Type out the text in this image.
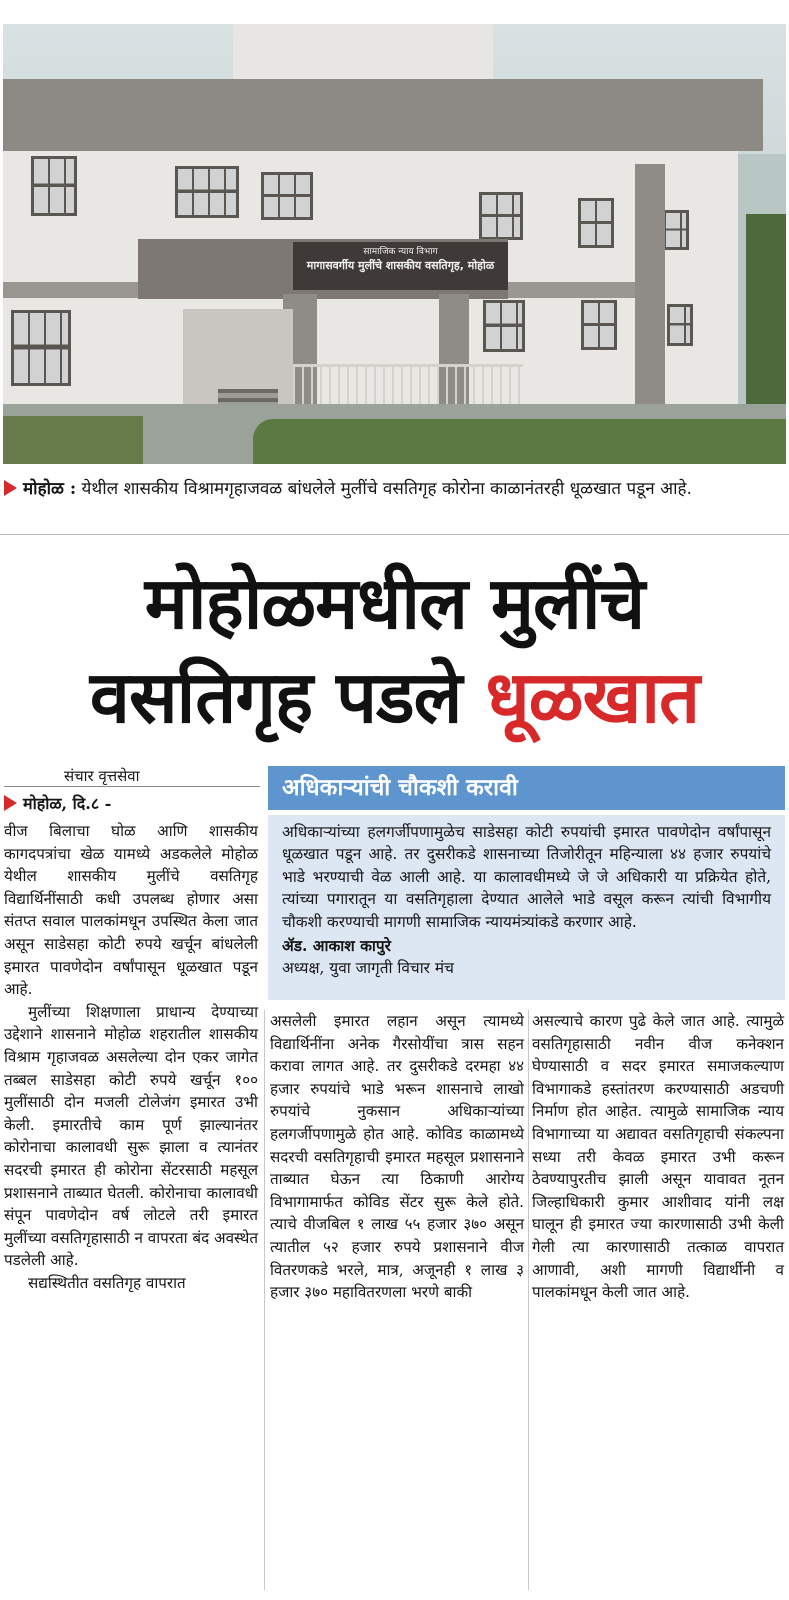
सामाजिक न्याय विभाग
मागासवर्गीय मुलींचे शासकीय वसतिगृह, मोहोळ
मोहोळ : येथील शासकीय विश्रामगृहाजवळ बांधलेले मुलींचे वसतिगृह कोरोना काळानंतरही धूळखात पडून आहे.
मोहोळमधील मुलींचे
वसतिगृह पडले धूळखात
संचार वृत्तसेवा
मोहोळ, दि.८ -

वीज बिलाचा घोळ आणि शासकीय कागदपत्रांचा खेळ यामध्ये अडकलेले मोहोळ येथील शासकीय मुलींचे वसतिगृह विद्यार्थिनींसाठी कधी उपलब्ध होणार असा संतप्त सवाल पालकांमधून उपस्थित केला जात असून साडेसहा कोटी रुपये खर्चून बांधलेली इमारत पावणेदोन वर्षांपासून धूळखात पडून आहे.

मुलींच्या शिक्षणाला प्राधान्य देण्याच्या उद्देशाने शासनाने मोहोळ शहरातील शासकीय विश्राम गृहाजवळ असलेल्या दोन एकर जागेत तब्बल साडेसहा कोटी रुपये खर्चून १०० मुलींसाठी दोन मजली टोलेजंग इमारत उभी केली. इमारतीचे काम पूर्ण झाल्यानंतर कोरोनाचा कालावधी सुरू झाला व त्यानंतर सदरची इमारत ही कोरोना सेंटरसाठी महसूल प्रशासनाने ताब्यात घेतली. कोरोनाचा कालावधी संपून पावणेदोन वर्ष लोटले तरी इमारत मुलींच्या वसतिगृहासाठी न वापरता बंद अवस्थेत पडलेली आहे.

सद्यस्थितीत वसतिगृह वापरात

अधिकाऱ्यांची चौकशी करावी
अधिकाऱ्यांच्या हलगर्जीपणामुळेच साडेसहा कोटी रुपयांची इमारत पावणेदोन वर्षांपासून धूळखात पडून आहे. तर दुसरीकडे शासनाच्या तिजोरीतून महिन्याला ४४ हजार रुपयांचे भाडे भरण्याची वेळ आली आहे. या कालावधीमध्ये जे जे अधिकारी या प्रक्रियेत होते, त्यांच्या पगारातून या वसतिगृहाला देण्यात आलेले भाडे वसूल करून त्यांची विभागीय चौकशी करण्याची मागणी सामाजिक न्यायमंत्र्यांकडे करणार आहे.
ॲड. आकाश कापुरे
अध्यक्ष, युवा जागृती विचार मंच

असलेली इमारत लहान असून त्यामध्ये विद्यार्थिनींना अनेक गैरसोयींचा त्रास सहन करावा लागत आहे. तर दुसरीकडे दरमहा ४४ हजार रुपयांचे भाडे भरून शासनाचे लाखो रुपयांचे नुकसान अधिकाऱ्यांच्या हलगर्जीपणामुळे होत आहे. कोविड काळामध्ये सदरची वसतिगृहाची इमारत महसूल प्रशासनाने ताब्यात घेऊन त्या ठिकाणी आरोग्य विभागामार्फत कोविड सेंटर सुरू केले होते. त्याचे वीजबिल १ लाख ५५ हजार ३७० असून त्यातील ५२ हजार रुपये प्रशासनाने वीज वितरणकडे भरले, मात्र, अजूनही १ लाख ३ हजार ३७० महावितरणला भरणे बाकी

असल्याचे कारण पुढे केले जात आहे. त्यामुळे वसतिगृहासाठी नवीन वीज कनेक्शन घेण्यासाठी व सदर इमारत समाजकल्याण विभागाकडे हस्तांतरण करण्यासाठी अडचणी निर्माण होत आहेत. त्यामुळे सामाजिक न्याय विभागाच्या या अद्यावत वसतिगृहाची संकल्पना सध्या तरी केवळ इमारत उभी करून ठेवण्यापुरतीच झाली असून यावावत नूतन जिल्हाधिकारी कुमार आशीवाद यांनी लक्ष घालून ही इमारत ज्या कारणासाठी उभी केली गेली त्या कारणासाठी तत्काळ वापरात आणावी, अशी मागणी विद्यार्थीनी व पालकांमधून केली जात आहे.
